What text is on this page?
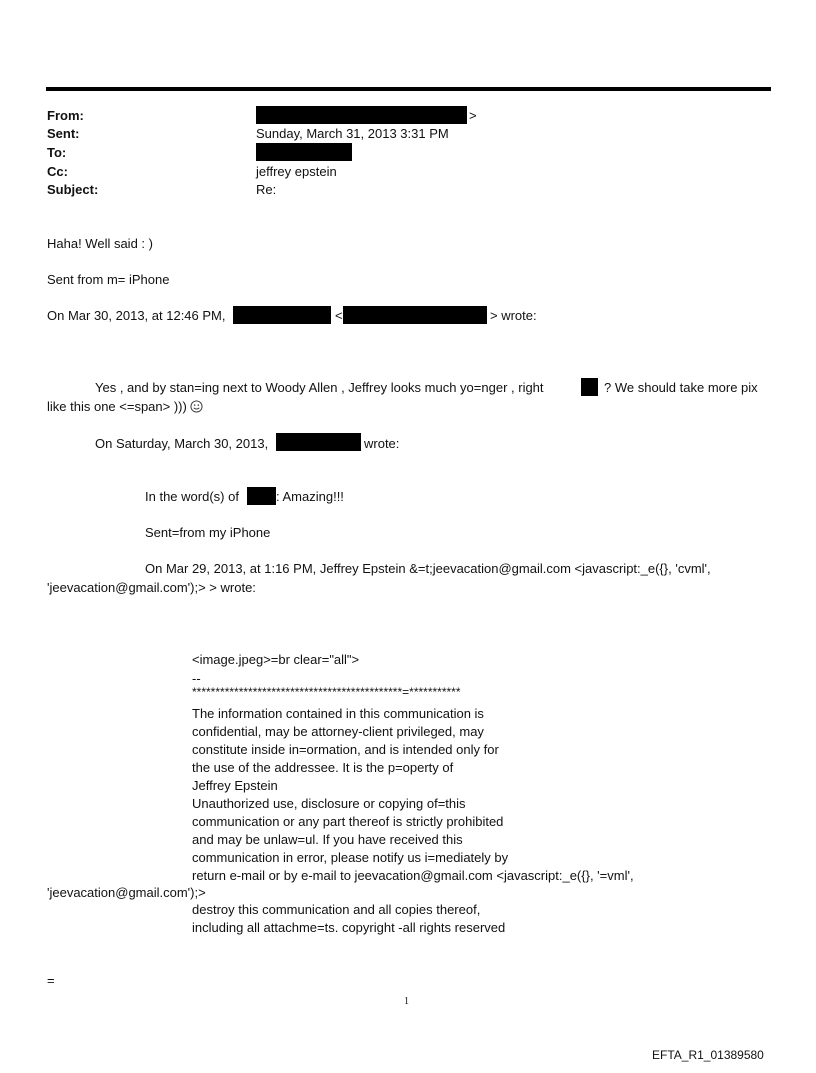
From:	>
Sent:	Sunday, March 31, 2013 3:31 PM
To:
Cc:	jeffrey epstein
Subject:	Re:
Haha! Well said : )
Sent from m= iPhone
On Mar 30, 2013, at 12:46 PM,	<	> wrote:
Yes , and by stan=ing next to Woody Allen , Jeffrey looks much yo=nger , right	? We should take more pix
like this one <=span> )))
On Saturday, March 30, 2013,	wrote:
In the word(s) of	: Amazing!!!
Sent=from my iPhone
On Mar 29, 2013, at 1:16 PM, Jeffrey Epstein &=t;jeevacation@gmail.com <javascript:_e({}, 'cvml',
'jeevacation@gmail.com');> > wrote:
<image.jpeg>=br clear="all">
--
*********************************************=***********
The information contained in this communication is
confidential, may be attorney-client privileged, may
constitute inside in=ormation, and is intended only for
the use of the addressee. It is the p=operty of
Jeffrey Epstein
Unauthorized use, disclosure or copying of=this
communication or any part thereof is strictly prohibited
and may be unlaw=ul. If you have received this
communication in error, please notify us i=mediately by
return e-mail or by e-mail to jeevacation@gmail.com <javascript:_e({}, '=vml',
'jeevacation@gmail.com');>
destroy this communication and all copies thereof,
including all attachme=ts. copyright -all rights reserved
=
1
EFTA_R1_01389580
